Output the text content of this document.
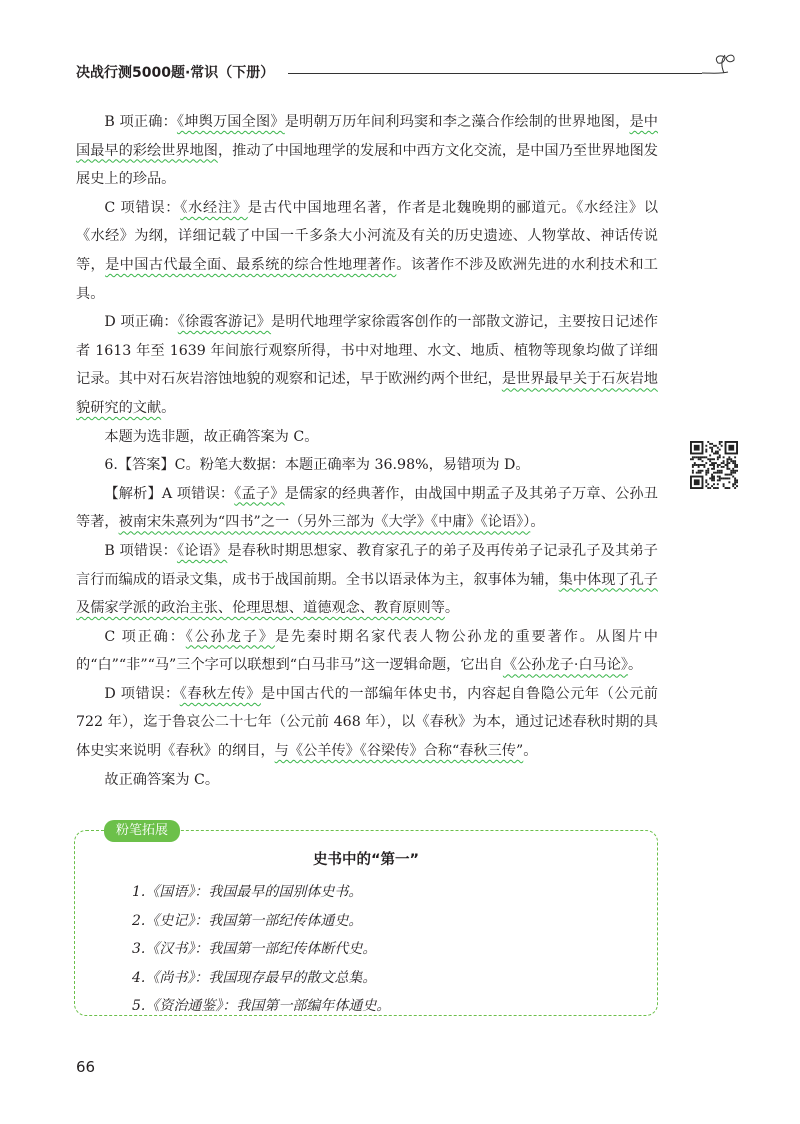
决战行测5000题·常识（下册）

B 项正确：《坤舆万国全图》是明朝万历年间利玛窦和李之藻合作绘制的世界地图，是中国最早的彩绘世界地图，推动了中国地理学的发展和中西方文化交流，是中国乃至世界地图发展史上的珍品。

C 项错误：《水经注》是古代中国地理名著，作者是北魏晚期的郦道元。《水经注》以《水经》为纲，详细记载了中国一千多条大小河流及有关的历史遗迹、人物掌故、神话传说等，是中国古代最全面、最系统的综合性地理著作。该著作不涉及欧洲先进的水利技术和工具。

D 项正确：《徐霞客游记》是明代地理学家徐霞客创作的一部散文游记，主要按日记述作者 1613 年至 1639 年间旅行观察所得，书中对地理、水文、地质、植物等现象均做了详细记录。其中对石灰岩溶蚀地貌的观察和记述，早于欧洲约两个世纪，是世界最早关于石灰岩地貌研究的文献。

本题为选非题，故正确答案为 C。

6.【答案】C。粉笔大数据：本题正确率为 36.98%，易错项为 D。

【解析】A 项错误：《孟子》是儒家的经典著作，由战国中期孟子及其弟子万章、公孙丑等著，被南宋朱熹列为“四书”之一（另外三部为《大学》《中庸》《论语》）。

B 项错误：《论语》是春秋时期思想家、教育家孔子的弟子及再传弟子记录孔子及其弟子言行而编成的语录文集，成书于战国前期。全书以语录体为主，叙事体为辅，集中体现了孔子及儒家学派的政治主张、伦理思想、道德观念、教育原则等。

C 项正确：《公孙龙子》是先秦时期名家代表人物公孙龙的重要著作。从图片中的“白”“非”“马”三个字可以联想到“白马非马”这一逻辑命题，它出自《公孙龙子·白马论》。

D 项错误：《春秋左传》是中国古代的一部编年体史书，内容起自鲁隐公元年（公元前 722 年），迄于鲁哀公二十七年（公元前 468 年），以《春秋》为本，通过记述春秋时期的具体史实来说明《春秋》的纲目，与《公羊传》《谷梁传》合称“春秋三传”。

故正确答案为 C。

粉笔拓展
史书中的“第一”
1.《国语》：我国最早的国别体史书。
2.《史记》：我国第一部纪传体通史。
3.《汉书》：我国第一部纪传体断代史。
4.《尚书》：我国现存最早的散文总集。
5.《资治通鉴》：我国第一部编年体通史。
66
